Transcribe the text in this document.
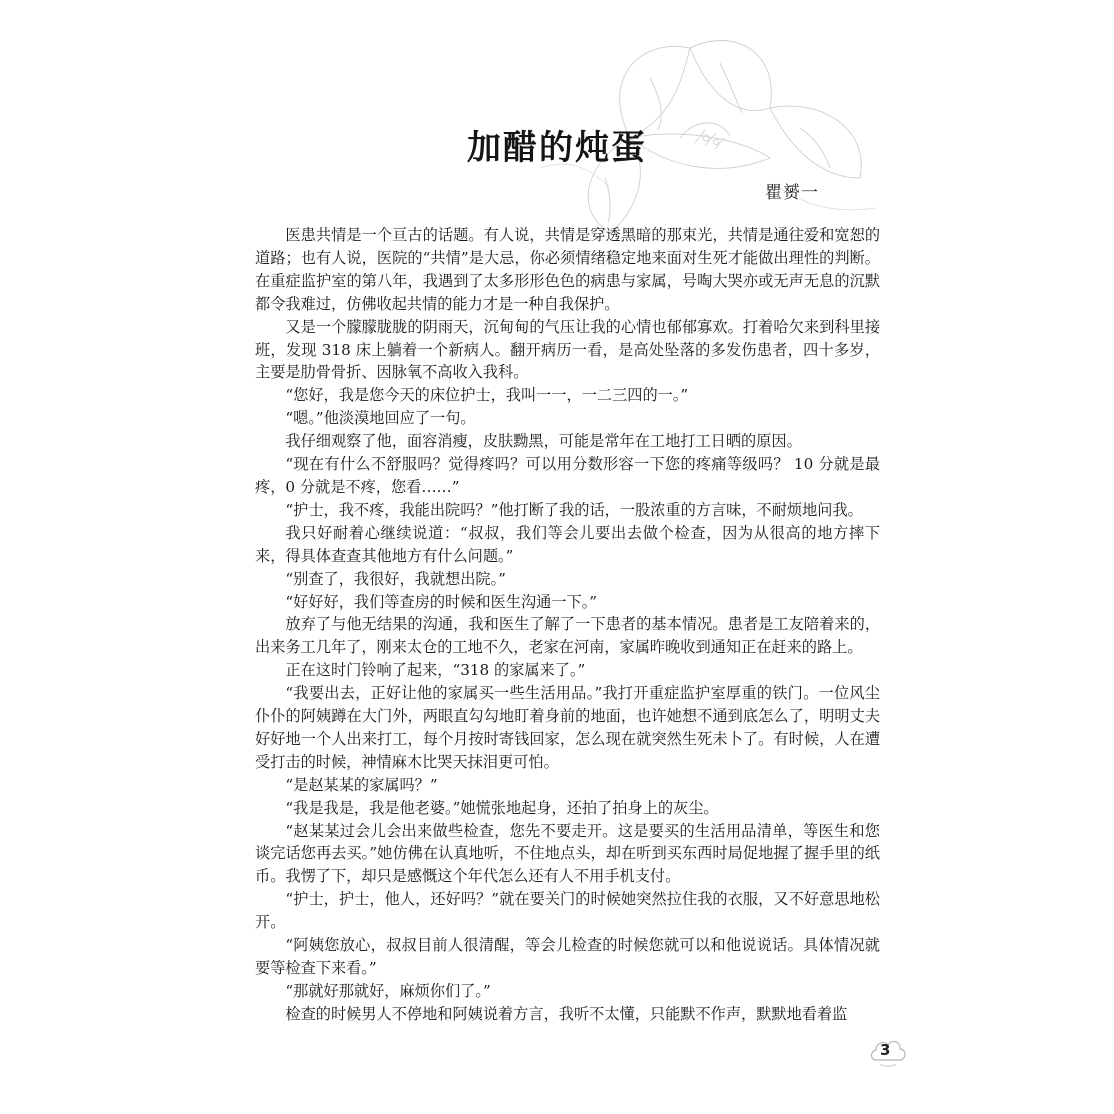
加醋的炖蛋
瞿赟一

医患共情是一个亘古的话题。有人说，共情是穿透黑暗的那束光，共情是通往爱和宽恕的道路；也有人说，医院的“共情”是大忌，你必须情绪稳定地来面对生死才能做出理性的判断。在重症监护室的第八年，我遇到了太多形形色色的病患与家属，号啕大哭亦或无声无息的沉默都令我难过，仿佛收起共情的能力才是一种自我保护。

又是一个朦朦胧胧的阴雨天，沉甸甸的气压让我的心情也郁郁寡欢。打着哈欠来到科里接班，发现 318 床上躺着一个新病人。翻开病历一看，是高处坠落的多发伤患者，四十多岁，主要是肋骨骨折、因脉氧不高收入我科。

“您好，我是您今天的床位护士，我叫一一，一二三四的一。”

“嗯。”他淡漠地回应了一句。

我仔细观察了他，面容消瘦，皮肤黝黑，可能是常年在工地打工日晒的原因。

“现在有什么不舒服吗？觉得疼吗？可以用分数形容一下您的疼痛等级吗？ 10 分就是最疼，0 分就是不疼，您看……”

“护士，我不疼，我能出院吗？”他打断了我的话，一股浓重的方言味，不耐烦地问我。

我只好耐着心继续说道：“叔叔，我们等会儿要出去做个检查，因为从很高的地方摔下来，得具体查查其他地方有什么问题。”

“别查了，我很好，我就想出院。”

“好好好，我们等查房的时候和医生沟通一下。”

放弃了与他无结果的沟通，我和医生了解了一下患者的基本情况。患者是工友陪着来的，出来务工几年了，刚来太仓的工地不久，老家在河南，家属昨晚收到通知正在赶来的路上。

正在这时门铃响了起来，“318 的家属来了。”

“我要出去，正好让他的家属买一些生活用品。”我打开重症监护室厚重的铁门。一位风尘仆仆的阿姨蹲在大门外，两眼直勾勾地盯着身前的地面，也许她想不通到底怎么了，明明丈夫好好地一个人出来打工，每个月按时寄钱回家，怎么现在就突然生死未卜了。有时候，人在遭受打击的时候，神情麻木比哭天抹泪更可怕。

“是赵某某的家属吗？”

“我是我是，我是他老婆。”她慌张地起身，还拍了拍身上的灰尘。

“赵某某过会儿会出来做些检查，您先不要走开。这是要买的生活用品清单，等医生和您谈完话您再去买。”她仿佛在认真地听，不住地点头，却在听到买东西时局促地握了握手里的纸币。我愣了下，却只是感慨这个年代怎么还有人不用手机支付。

“护士，护士，他人，还好吗？”就在要关门的时候她突然拉住我的衣服，又不好意思地松开。

“阿姨您放心，叔叔目前人很清醒，等会儿检查的时候您就可以和他说说话。具体情况就要等检查下来看。”

“那就好那就好，麻烦你们了。”

检查的时候男人不停地和阿姨说着方言，我听不太懂，只能默不作声，默默地看着监

3
